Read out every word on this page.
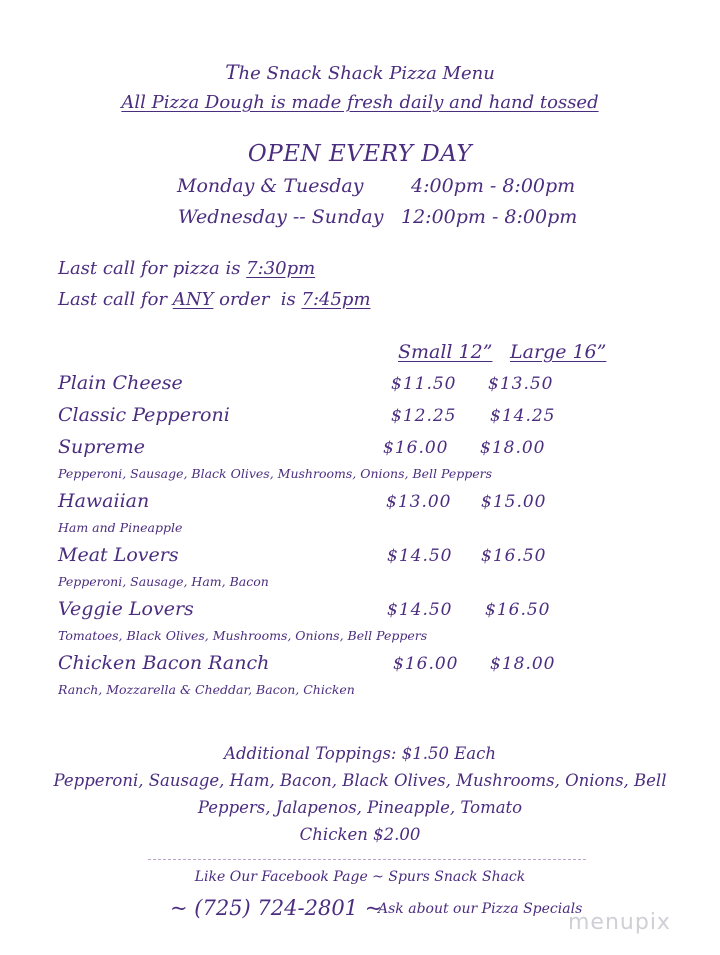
The Snack Shack Pizza Menu
All Pizza Dough is made fresh daily and hand tossed
OPEN EVERY DAY
Monday & Tuesday	4:00pm - 8:00pm
Wednesday -- Sunday 12:00pm - 8:00pm
Last call for pizza is 7:30pm
Last call for ANY order  is 7:45pm
Small 12” Large 16”
Plain Cheese	$11.50 $13.50
Classic Pepperoni	$12.25 $14.25
Supreme	$16.00 $18.00
Pepperoni, Sausage, Black Olives, Mushrooms, Onions, Bell Peppers
Hawaiian	$13.00 $15.00
Ham and Pineapple
Meat Lovers	$14.50 $16.50
Pepperoni, Sausage, Ham, Bacon
Veggie Lovers	$14.50 $16.50
Tomatoes, Black Olives, Mushrooms, Onions, Bell Peppers
Chicken Bacon Ranch	$16.00 $18.00
Ranch, Mozzarella & Cheddar, Bacon, Chicken
Additional Toppings: $1.50 Each
Pepperoni, Sausage, Ham, Bacon, Black Olives, Mushrooms, Onions, Bell
Peppers, Jalapenos, Pineapple, Tomato
Chicken $2.00
Like Our Facebook Page ~ Spurs Snack Shack
~ (725) 724-2801 ~
Ask about our Pizza Specials
menupix
